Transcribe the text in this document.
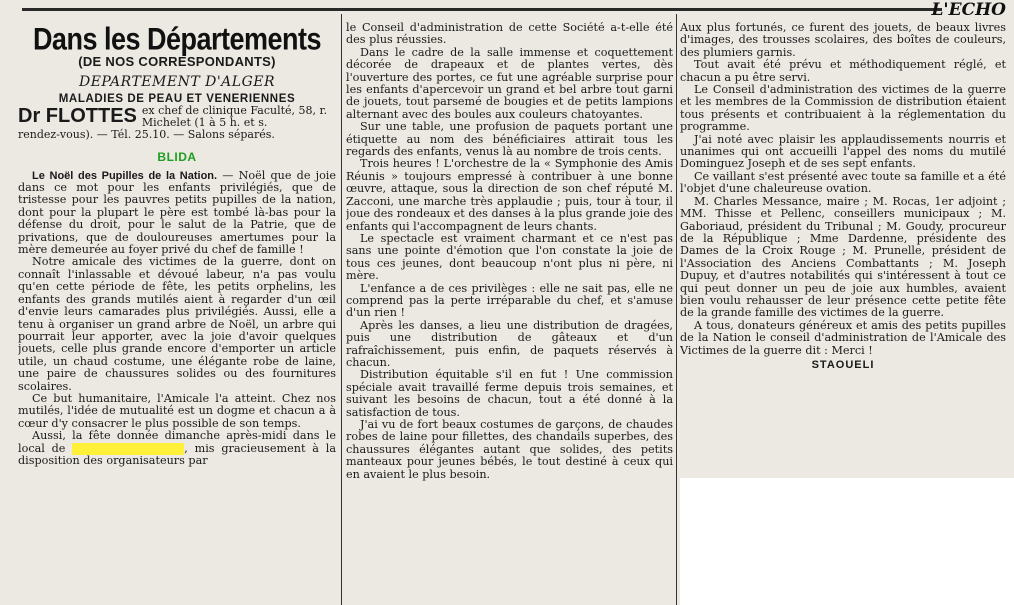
L'ECHO
Dans les Départements
(DE NOS CORRESPONDANTS)
DEPARTEMENT D'ALGER
MALADIES DE PEAU ET VENERIENNES
Dr FLOTTES ex chef de clinique Faculté, 58, r. Michelet (1 à 5 h. et s.
rendez-vous). — Tél. 25.10. — Salons séparés.
BLIDA

Le Noël des Pupilles de la Nation. — Noël que de joie dans ce mot pour les enfants privilégiés, que de tristesse pour les pauvres petits pupilles de la nation, dont pour la plupart le père est tombé là-bas pour la défense du droit, pour le salut de la Patrie, que de privations, que de douloureuses amertumes pour la mère demeurée au foyer privé du chef de famille !

Notre amicale des victimes de la guerre, dont on connaît l'inlassable et dévoué labeur, n'a pas voulu qu'en cette période de fête, les petits orphelins, les enfants des grands mutilés aient à regarder d'un œil d'envie leurs camarades plus privilégiés. Aussi, elle a tenu à organiser un grand arbre de Noël, un arbre qui pourrait leur apporter, avec la joie d'avoir quelques jouets, celle plus grande encore d'emporter un article utile, un chaud costume, une élégante robe de laine, une paire de chaussures solides ou des fournitures scolaires.

Ce but humanitaire, l'Amicale l'a atteint. Chez nos mutilés, l'idée de mutualité est un dogme et chacun a à cœur d'y consacrer le plus possible de son temps.

Aussi, la fête donnée dimanche après-midi dans le local de	, mis gracieusement à la disposition des organisateurs par

le Conseil d'administration de cette Société a-t-elle été des plus réussies.

Dans le cadre de la salle immense et coquettement décorée de drapeaux et de plantes vertes, dès l'ouverture des portes, ce fut une agréable surprise pour les enfants d'apercevoir un grand et bel arbre tout garni de jouets, tout parsemé de bougies et de petits lampions alternant avec des boules aux couleurs chatoyantes.

Sur une table, une profusion de paquets portant une étiquette au nom des bénéficiaires attirait tous les regards des enfants, venus là au nombre de trois cents.

Trois heures ! L'orchestre de la « Symphonie des Amis Réunis » toujours empressé à contribuer à une bonne œuvre, attaque, sous la direction de son chef réputé M. Zacconi, une marche très applaudie ; puis, tour à tour, il joue des rondeaux et des danses à la plus grande joie des enfants qui l'accompagnent de leurs chants.

Le spectacle est vraiment charmant et ce n'est pas sans une pointe d'émotion que l'on constate la joie de tous ces jeunes, dont beaucoup n'ont plus ni père, ni mère.

L'enfance a de ces privilèges : elle ne sait pas, elle ne comprend pas la perte irréparable du chef, et s'amuse d'un rien !

Après les danses, a lieu une distribution de dragées, puis une distribution de gâteaux et d'un rafraîchissement, puis enfin, de paquets réservés à chacun.

Distribution équitable s'il en fut ! Une commission spéciale avait travaillé ferme depuis trois semaines, et suivant les besoins de chacun, tout a été donné à la satisfaction de tous.

J'ai vu de fort beaux costumes de garçons, de chaudes robes de laine pour fillettes, des chandails superbes, des chaussures élégantes autant que solides, des petits manteaux pour jeunes bébés, le tout destiné à ceux qui en avaient le plus besoin.

Aux plus fortunés, ce furent des jouets, de beaux livres d'images, des trousses scolaires, des boîtes de couleurs, des plumiers garnis.

Tout avait été prévu et méthodiquement réglé, et chacun a pu être servi.

Le Conseil d'administration des victimes de la guerre et les membres de la Commission de distribution étaient tous présents et contribuaient à la réglementation du programme.

J'ai noté avec plaisir les applaudissements nourris et unanimes qui ont accueilli l'appel des noms du mutilé Dominguez Joseph et de ses sept enfants.

Ce vaillant s'est présenté avec toute sa famille et a été l'objet d'une chaleureuse ovation.

M. Charles Messance, maire ; M. Rocas, 1er adjoint ; MM. Thisse et Pellenc, conseillers municipaux ; M. Gaboriaud, président du Tribunal ; M. Goudy, procureur de la République ; Mme Dardenne, présidente des Dames de la Croix Rouge ; M. Prunelle, président de l'Association des Anciens Combattants ; M. Joseph Dupuy, et d'autres notabilités qui s'intéressent à tout ce qui peut donner un peu de joie aux humbles, avaient bien voulu rehausser de leur présence cette petite fête de la grande famille des victimes de la guerre.

A tous, donateurs généreux et amis des petits pupilles de la Nation le conseil d'administration de l'Amicale des Victimes de la guerre dit : Merci !

STAOUELI
